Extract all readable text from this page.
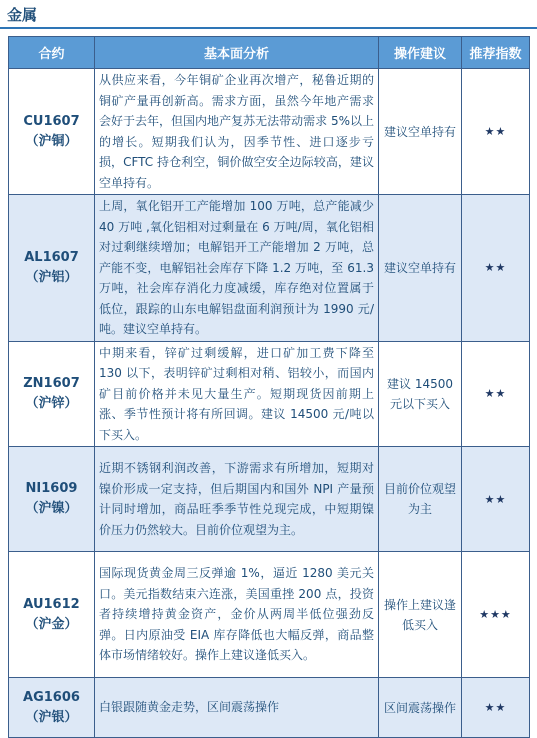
金属
合约	基本面分析	操作建议	推荐指数

CU1607
（沪铜）	从供应来看，今年铜矿企业再次增产，秘鲁近期的铜矿产量再创新高。需求方面，虽然今年地产需求会好于去年，但国内地产复苏无法带动需求 5%以上的增长。短期我们认为，因季节性、进口逐步亏损，CFTC 持仓利空，铜价做空安全边际较高，建议空单持有。	建议空单持有	★★

AL1607
（沪铝）	上周，氧化铝开工产能增加 100 万吨，总产能减少 40 万吨 ,氧化铝相对过剩量在 6 万吨/周，氧化铝相对过剩继续增加；电解铝开工产能增加 2 万吨，总产能不变，电解铝社会库存下降 1.2 万吨，至 61.3 万吨，社会库存消化力度减缓，库存绝对位置属于低位，跟踪的山东电解铝盘面利润预计为 1990 元/吨。建议空单持有。	建议空单持有	★★

ZN1607
（沪锌）	中期来看，锌矿过剩缓解，进口矿加工费下降至 130 以下，表明锌矿过剩相对稍、铝较小，而国内矿目前价格并未见大量生产。短期现货因前期上涨、季节性预计将有所回调。建议 14500 元/吨以下买入。	建议 14500 元以下买入	★★

NI1609
（沪镍）	近期不锈钢利润改善，下游需求有所增加，短期对镍价形成一定支持，但后期国内和国外 NPI 产量预计同时增加，商品旺季季节性兑现完成，中短期镍价压力仍然较大。目前价位观望为主。	目前价位观望为主	★★

AU1612
（沪金）	国际现货黄金周三反弹逾 1%，逼近 1280 美元关口。美元指数结束六连涨，美国重挫 200 点，投资者持续增持黄金资产，金价从两周半低位强劲反弹。日内原油受 EIA 库存降低也大幅反弹，商品整体市场情绪较好。操作上建议逢低买入。	操作上建议逢低买入	★★★

AG1606
（沪银）	白银跟随黄金走势，区间震荡操作	区间震荡操作	★★
